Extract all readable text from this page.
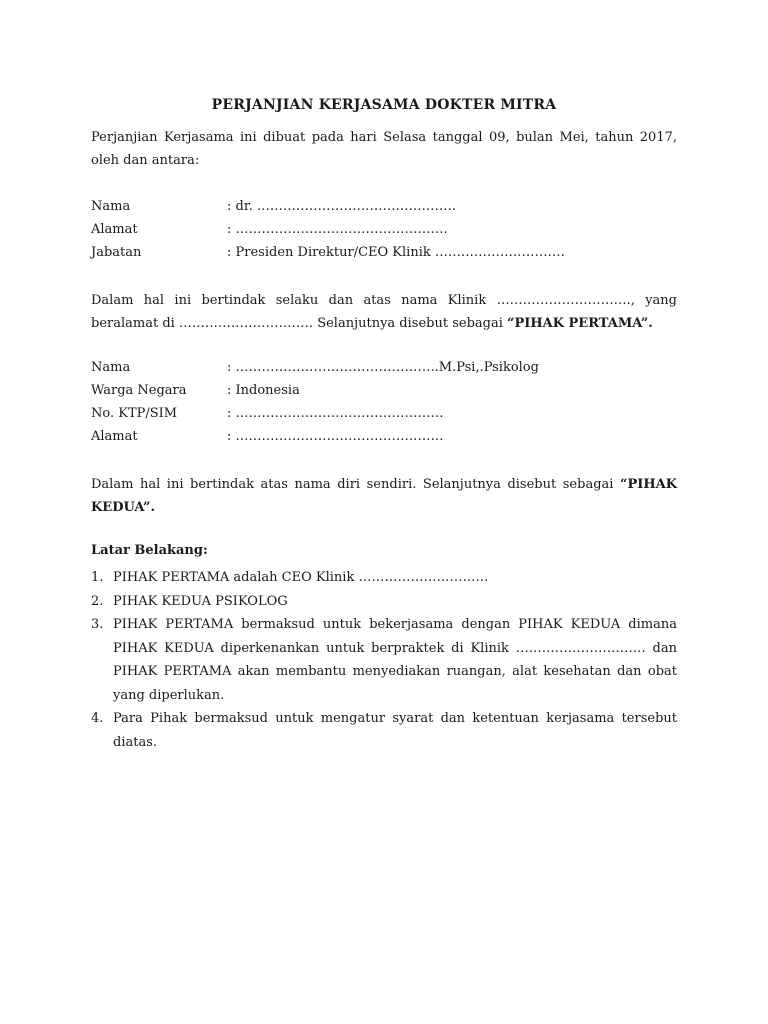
PERJANJIAN KERJASAMA DOKTER MITRA
Perjanjian Kerjasama ini dibuat pada hari Selasa tanggal 09, bulan Mei, tahun 2017, oleh dan antara:
Nama	: dr. ……………………………………….
Alamat	: ………………………………………….
Jabatan	: Presiden Direktur/CEO Klinik …………………………
Dalam hal ini bertindak selaku dan atas nama Klinik …………………………., yang beralamat di …………………………. Selanjutnya disebut sebagai “PIHAK PERTAMA”.
Nama	: ………………………………………..M.Psi,.Psikolog
Warga Negara	: Indonesia
No. KTP/SIM	: …………………………………………
Alamat	: …………………………………………
Dalam hal ini bertindak atas nama diri sendiri. Selanjutnya disebut sebagai “PIHAK KEDUA”.
Latar Belakang:
1. PIHAK PERTAMA adalah CEO Klinik …………………………
2. PIHAK KEDUA PSIKOLOG
3. PIHAK PERTAMA bermaksud untuk bekerjasama dengan PIHAK KEDUA dimana PIHAK KEDUA diperkenankan untuk berpraktek di Klinik ………………………… dan PIHAK PERTAMA akan membantu menyediakan ruangan, alat kesehatan dan obat yang diperlukan.
4. Para Pihak bermaksud untuk mengatur syarat dan ketentuan kerjasama tersebut diatas.
